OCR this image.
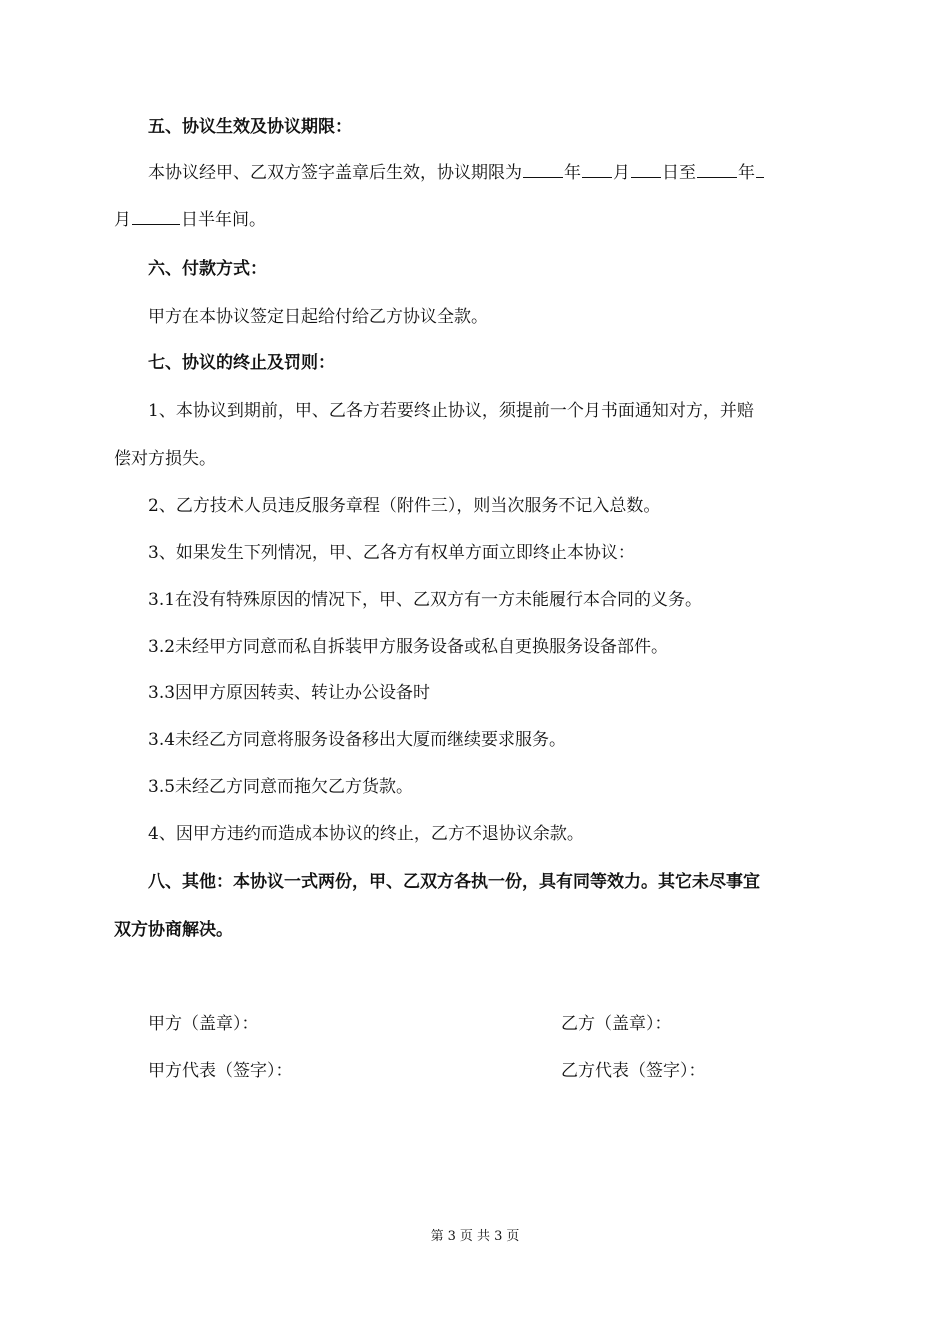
五、协议生效及协议期限：
本协议经甲、乙双方签字盖章后生效，协议期限为 年 月 日至 年
月	日半年间。
六、付款方式：
甲方在本协议签定日起给付给乙方协议全款。
七、协议的终止及罚则：
1、本协议到期前，甲、乙各方若要终止协议，须提前一个月书面通知对方，并赔
偿对方损失。
2、乙方技术人员违反服务章程（附件三），则当次服务不记入总数。
3、如果发生下列情况，甲、乙各方有权单方面立即终止本协议：
3.1在没有特殊原因的情况下，甲、乙双方有一方未能履行本合同的义务。
3.2未经甲方同意而私自拆装甲方服务设备或私自更换服务设备部件。
3.3因甲方原因转卖、转让办公设备时
3.4未经乙方同意将服务设备移出大厦而继续要求服务。
3.5未经乙方同意而拖欠乙方货款。
4、因甲方违约而造成本协议的终止，乙方不退协议余款。
八、其他：本协议一式两份，甲、乙双方各执一份，具有同等效力。其它未尽事宜
双方协商解决。
甲方（盖章）：	乙方（盖章）：
甲方代表（签字）：	乙方代表（签字）：
第 3 页 共 3 页
